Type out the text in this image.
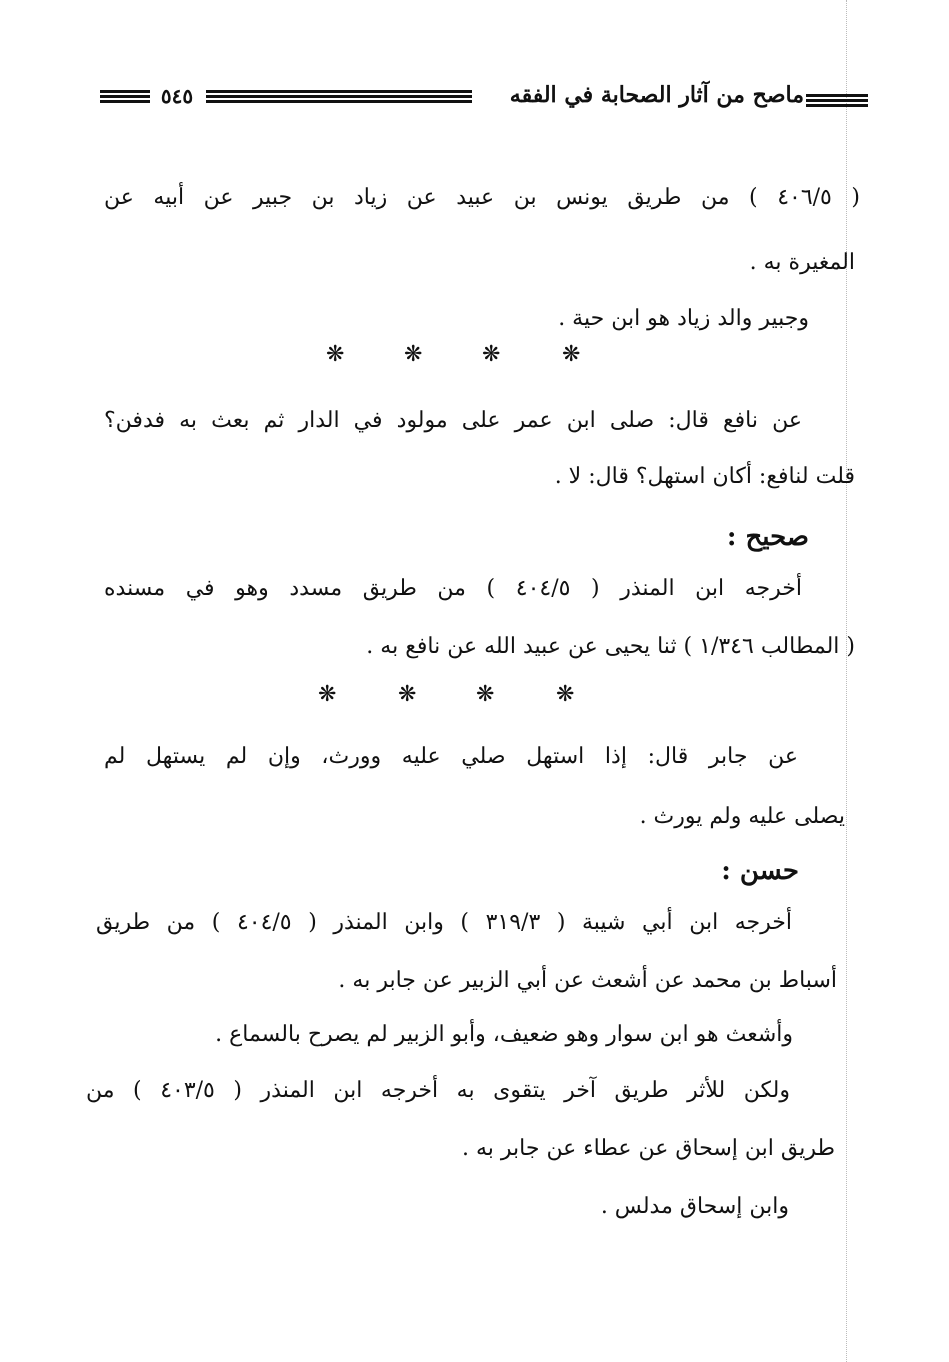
ماصح من آثار الصحابة في الفقه
٥٤٥
( ٤٠٦/٥ ) من طريق يونس بن عبيد عن زياد بن جبير عن أبيه عن
المغيرة به .
وجبير والد زياد هو ابن حية .
❋	❋	❋	❋
عن نافع قال: صلى ابن عمر على مولود في الدار ثم بعث به فدفن؟
قلت لنافع: أكان استهل؟ قال: لا .
صحيح :
أخرجه ابن المنذر ( ٤٠٤/٥ ) من طريق مسدد وهو في مسنده
( المطالب ١/٣٤٦ ) ثنا يحيى عن عبيد الله عن نافع به .
❋	❋	❋	❋
عن جابر قال: إذا استهل صلي عليه وورث، وإن لم يستهل لم
يصلى عليه ولم يورث .
حسن :
أخرجه ابن أبي شيبة ( ٣١٩/٣ ) وابن المنذر ( ٤٠٤/٥ ) من طريق
أسباط بن محمد عن أشعث عن أبي الزبير عن جابر به .
وأشعث هو ابن سوار وهو ضعيف، وأبو الزبير لم يصرح بالسماع .
ولكن للأثر طريق آخر يتقوى به أخرجه ابن المنذر ( ٤٠٣/٥ ) من
طريق ابن إسحاق عن عطاء عن جابر به .
وابن إسحاق مدلس .
